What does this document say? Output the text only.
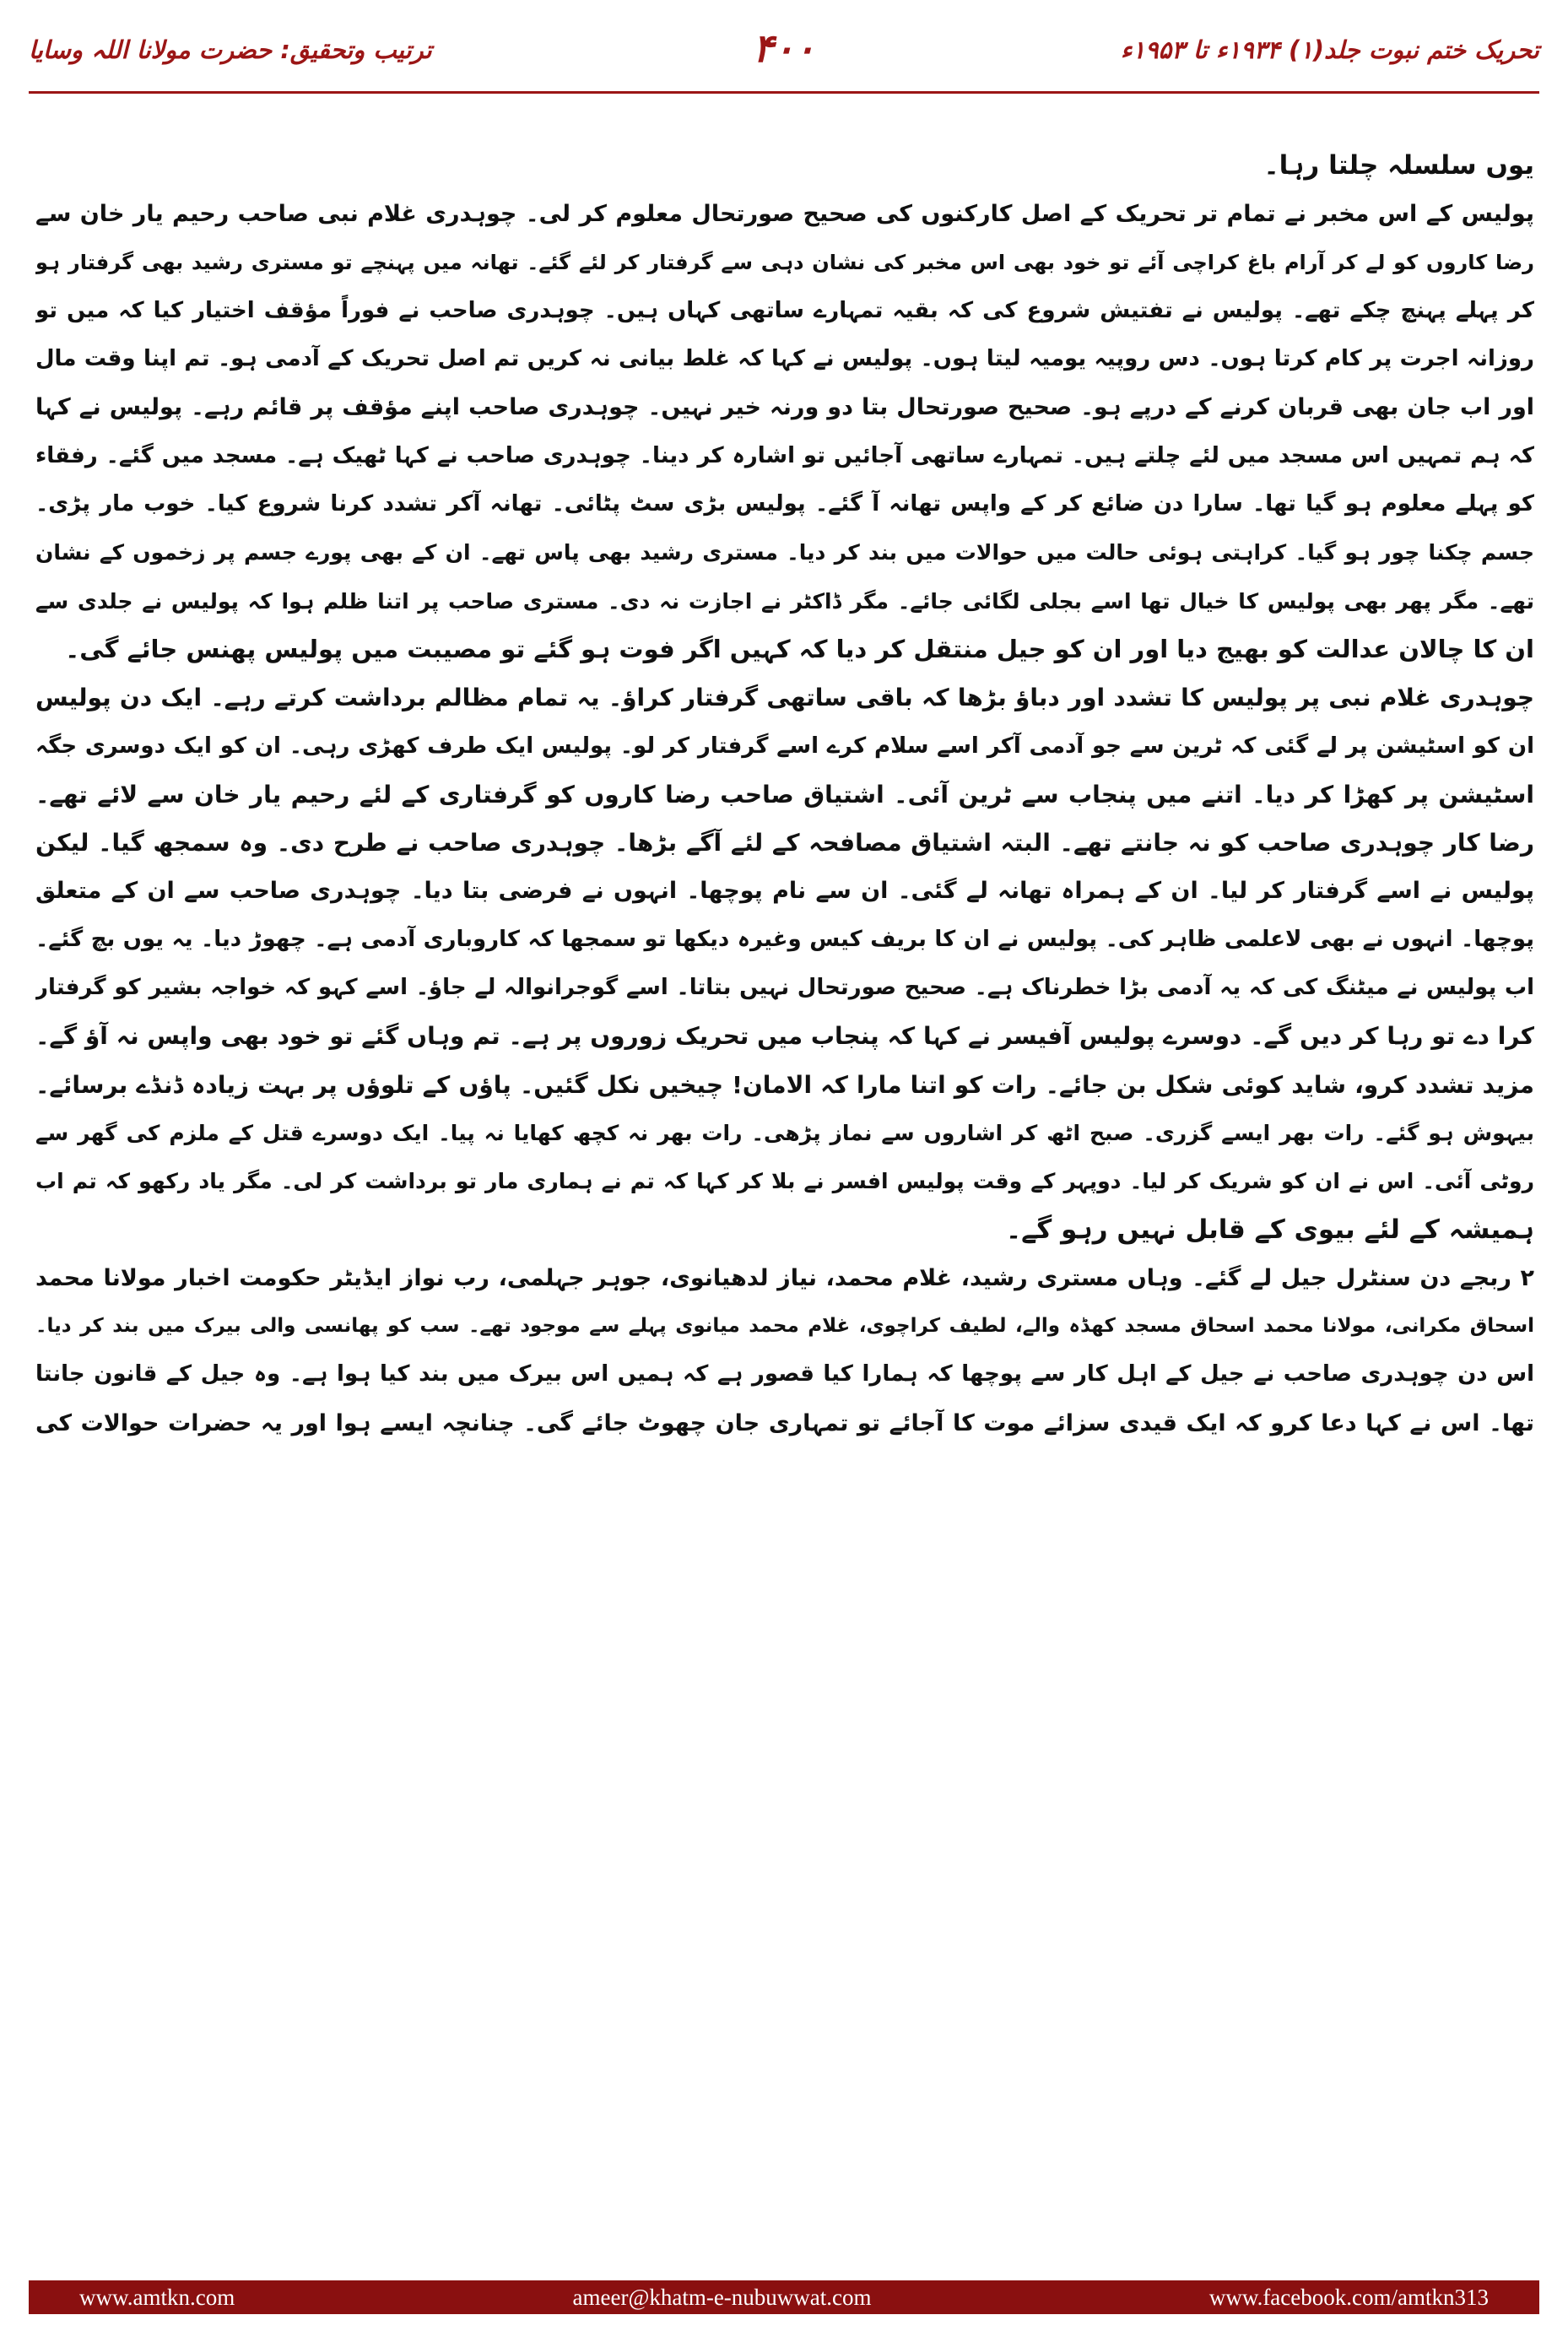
تحریک ختم نبوت جلد(۱) ۱۹۳۴ء تا ۱۹۵۳ء
۴۰۰
ترتیب وتحقیق: حضرت مولانا اللہ وسایا
یوں سلسلہ چلتا رہا۔
پولیس کے اس مخبر نے تمام تر تحریک کے اصل کارکنوں کی صحیح صورتحال معلوم کر لی۔ چوہدری غلام نبی صاحب رحیم یار خان سے
رضا کاروں کو لے کر آرام باغ کراچی آئے تو خود بھی اس مخبر کی نشان دہی سے گرفتار کر لئے گئے۔ تھانہ میں پہنچے تو مستری رشید بھی گرفتار ہو
کر پہلے پہنچ چکے تھے۔ پولیس نے تفتیش شروع کی کہ بقیہ تمہارے ساتھی کہاں ہیں۔ چوہدری صاحب نے فوراً مؤقف اختیار کیا کہ میں تو
روزانہ اجرت پر کام کرتا ہوں۔ دس روپیہ یومیہ لیتا ہوں۔ پولیس نے کہا کہ غلط بیانی نہ کریں تم اصل تحریک کے آدمی ہو۔ تم اپنا وقت مال
اور اب جان بھی قربان کرنے کے درپے ہو۔ صحیح صورتحال بتا دو ورنہ خیر نہیں۔ چوہدری صاحب اپنے مؤقف پر قائم رہے۔ پولیس نے کہا
کہ ہم تمہیں اس مسجد میں لئے چلتے ہیں۔ تمہارے ساتھی آجائیں تو اشارہ کر دینا۔ چوہدری صاحب نے کہا ٹھیک ہے۔ مسجد میں گئے۔ رفقاء
کو پہلے معلوم ہو گیا تھا۔ سارا دن ضائع کر کے واپس تھانہ آ گئے۔ پولیس بڑی سٹ پٹائی۔ تھانہ آکر تشدد کرنا شروع کیا۔ خوب مار پڑی۔
جسم چکنا چور ہو گیا۔ کراہتی ہوئی حالت میں حوالات میں بند کر دیا۔ مستری رشید بھی پاس تھے۔ ان کے بھی پورے جسم پر زخموں کے نشان
تھے۔ مگر پھر بھی پولیس کا خیال تھا اسے بجلی لگائی جائے۔ مگر ڈاکٹر نے اجازت نہ دی۔ مستری صاحب پر اتنا ظلم ہوا کہ پولیس نے جلدی سے
ان کا چالان عدالت کو بھیج دیا اور ان کو جیل منتقل کر دیا کہ کہیں اگر فوت ہو گئے تو مصیبت میں پولیس پھنس جائے گی۔
چوہدری غلام نبی پر پولیس کا تشدد اور دباؤ بڑھا کہ باقی ساتھی گرفتار کراؤ۔ یہ تمام مظالم برداشت کرتے رہے۔ ایک دن پولیس
ان کو اسٹیشن پر لے گئی کہ ٹرین سے جو آدمی آکر اسے سلام کرے اسے گرفتار کر لو۔ پولیس ایک طرف کھڑی رہی۔ ان کو ایک دوسری جگہ
اسٹیشن پر کھڑا کر دیا۔ اتنے میں پنجاب سے ٹرین آئی۔ اشتیاق صاحب رضا کاروں کو گرفتاری کے لئے رحیم یار خان سے لائے تھے۔
رضا کار چوہدری صاحب کو نہ جانتے تھے۔ البتہ اشتیاق مصافحہ کے لئے آگے بڑھا۔ چوہدری صاحب نے طرح دی۔ وہ سمجھ گیا۔ لیکن
پولیس نے اسے گرفتار کر لیا۔ ان کے ہمراہ تھانہ لے گئی۔ ان سے نام پوچھا۔ انہوں نے فرضی بتا دیا۔ چوہدری صاحب سے ان کے متعلق
پوچھا۔ انہوں نے بھی لاعلمی ظاہر کی۔ پولیس نے ان کا بریف کیس وغیرہ دیکھا تو سمجھا کہ کاروباری آدمی ہے۔ چھوڑ دیا۔ یہ یوں بچ گئے۔
اب پولیس نے میٹنگ کی کہ یہ آدمی بڑا خطرناک ہے۔ صحیح صورتحال نہیں بتاتا۔ اسے گوجرانوالہ لے جاؤ۔ اسے کہو کہ خواجہ بشیر کو گرفتار
کرا دے تو رہا کر دیں گے۔ دوسرے پولیس آفیسر نے کہا کہ پنجاب میں تحریک زوروں پر ہے۔ تم وہاں گئے تو خود بھی واپس نہ آؤ گے۔
مزید تشدد کرو، شاید کوئی شکل بن جائے۔ رات کو اتنا مارا کہ الامان! چیخیں نکل گئیں۔ پاؤں کے تلوؤں پر بہت زیادہ ڈنڈے برسائے۔
بیہوش ہو گئے۔ رات بھر ایسے گزری۔ صبح اٹھ کر اشاروں سے نماز پڑھی۔ رات بھر نہ کچھ کھایا نہ پیا۔ ایک دوسرے قتل کے ملزم کی گھر سے
روٹی آئی۔ اس نے ان کو شریک کر لیا۔ دوپہر کے وقت پولیس افسر نے بلا کر کہا کہ تم نے ہماری مار تو برداشت کر لی۔ مگر یاد رکھو کہ تم اب
ہمیشہ کے لئے بیوی کے قابل نہیں رہو گے۔
۲ ربجے دن سنٹرل جیل لے گئے۔ وہاں مستری رشید، غلام محمد، نیاز لدھیانوی، جوہر جہلمی، رب نواز ایڈیٹر حکومت اخبار مولانا محمد
اسحاق مکرانی، مولانا محمد اسحاق مسجد کھڈہ والے، لطیف کراچوی، غلام محمد میانوی پہلے سے موجود تھے۔ سب کو پھانسی والی بیرک میں بند کر دیا۔
اس دن چوہدری صاحب نے جیل کے اہل کار سے پوچھا کہ ہمارا کیا قصور ہے کہ ہمیں اس بیرک میں بند کیا ہوا ہے۔ وہ جیل کے قانون جانتا
تھا۔ اس نے کہا دعا کرو کہ ایک قیدی سزائے موت کا آجائے تو تمہاری جان چھوٹ جائے گی۔ چنانچہ ایسے ہوا اور یہ حضرات حوالات کی
www.amtkn.com	ameer@khatm-e-nubuwwat.com	www.facebook.com/amtkn313
